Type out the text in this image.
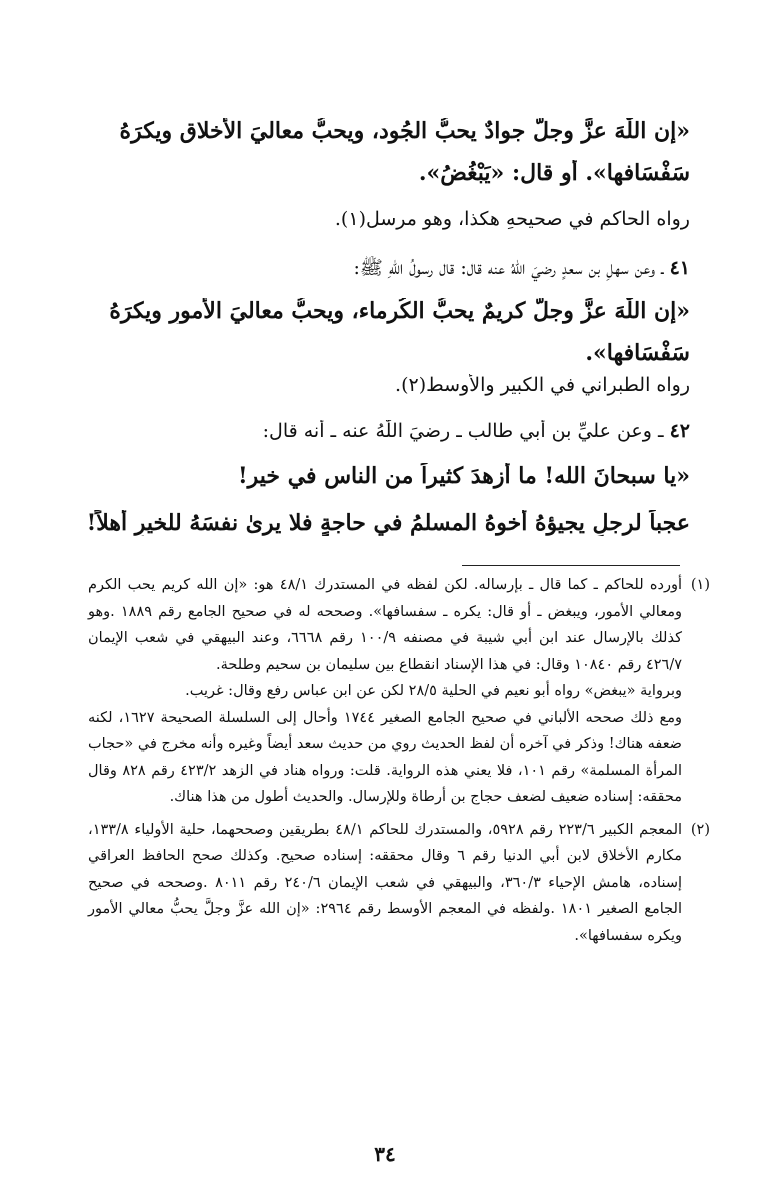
«إن اللّٰهَ عزَّ وجلَّ جوادٌ يحبُّ الجُود، ويحبُّ معاليَ الأخلاقِ ويكرَهُ
سَفْسَافها». أو قال: «يَبْغُضُ».
رواه الحاكم في صحيحهِ هكذا، وهو مرسل(١).
٤١ ـ وعن سهلِ بن سعدٍ رضيَ اللّٰهُ عنه قال: قال رسولُ اللّٰهِ ﷺ:
«إن اللّٰهَ عزَّ وجلَّ كريمٌ يحبُّ الكُرماء، ويحبُّ معاليَ الأمورِ ويكرَهُ
سَفْسَافها».
رواه الطبراني في الكبير والأوسط(٢).
٤٢ ـ وعن عليِّ بنِ أبي طالب ـ رضيَ اللّٰهُ عنه ـ أنه قال:
«يا سبحانَ الله! ما أزهدَ كثيراً من الناسِ في خير!
عجباً لرجلٍ يجيؤهُ أخوهُ المسلمُ في حاجةٍ فلا يرىٰ نفسَهُ للخيرِ أهلاً!
(١)

أورده للحاكم ـ كما قال ـ بإرساله. لكن لفظه في المستدرك ٤٨/١ هو: «إن الله كريم يحب الكرم ومعالي الأمور، ويبغض ـ أو قال: يكره ـ سفسافها». وصححه له في صحيح الجامع رقم ١٨٨٩ .وهو كذلك بالإرسال عند ابن أبي شيبة في مصنفه ١٠٠/٩ رقم ٦٦٦٨، وعند البيهقي في شعب الإيمان ٤٢٦/٧ رقم ١٠٨٤٠ وقال: في هذا الإسناد انقطاع بين سليمان بن سحيم وطلحة.

وبرواية «يبغض» رواه أبو نعيم في الحلية ٢٨/٥ لكن عن ابن عباس رفع وقال: غريب.

ومع ذلك صححه الألباني في صحيح الجامع الصغير ١٧٤٤ وأحال إلى السلسلة الصحيحة ١٦٢٧، لكنه ضعفه هناك! وذكر في آخره أن لفظ الحديث روي من حديث سعد أيضاً وغيره وأنه مخرج في «حجاب المرأة المسلمة» رقم ١٠١، فلا يعني هذه الرواية. قلت: ورواه هناد في الزهد ٤٢٣/٢ رقم ٨٢٨ وقال محققه: إسناده ضعيف لضعف حجاج بن أرطاة وللإرسال. والحديث أطول من هذا هناك.

(٢)

المعجم الكبير ٢٢٣/٦ رقم ٥٩٢٨، والمستدرك للحاكم ٤٨/١ بطريقين وصححهما، حلية الأولياء ١٣٣/٨، مكارم الأخلاق لابن أبي الدنيا رقم ٦ وقال محققه: إسناده صحيح. وكذلك صحح الحافظ العراقي إسناده، هامش الإحياء ٣٦٠/٣، والبيهقي في شعب الإيمان ٢٤٠/٦ رقم ٨٠١١ .وصححه في صحيح الجامع الصغير ١٨٠١ .ولفظه في المعجم الأوسط رقم ٢٩٦٤: «إن الله عزَّ وجلَّ يحبُّ معالي الأمور ويكره سفسافها».

٣٤
